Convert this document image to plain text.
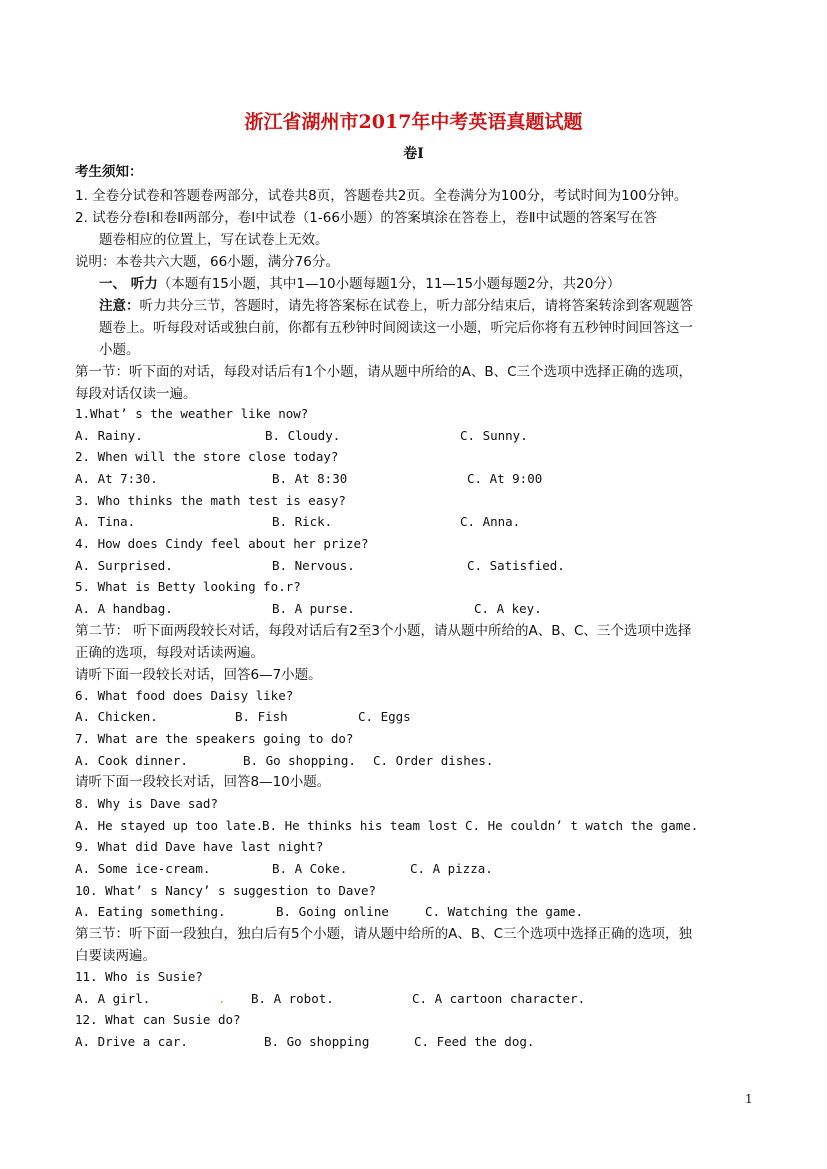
浙江省湖州市2017年中考英语真题试题
卷Ⅰ
考生须知：
1. 全卷分试卷和答题卷两部分，试卷共8页，答题卷共2页。全卷满分为100分，考试时间为100分钟。
2. 试卷分卷Ⅰ和卷Ⅱ两部分，卷Ⅰ中试卷（1-66小题）的答案填涂在答卷上，卷Ⅱ中试题的答案写在答
题卷相应的位置上，写在试卷上无效。
说明：本卷共六大题，66小题，满分76分。
一、 听力（本题有15小题，其中1—10小题每题1分，11—15小题每题2分，共20分）
注意：听力共分三节，答题时，请先将答案标在试卷上，听力部分结束后，请将答案转涂到客观题答
题卷上。听每段对话或独白前，你都有五秒钟时间阅读这一小题，听完后你将有五秒钟时间回答这一
小题。
第一节：听下面的对话，每段对话后有1个小题，请从题中所给的A、B、C三个选项中选择正确的选项，
每段对话仅读一遍。
1.What’ s the weather like now?
A. Rainy.	B. Cloudy.	C. Sunny.
2. When will the store close today?
A. At 7:30.	B. At 8:30	C. At 9:00
3. Who thinks the math test is easy?
A. Tina.	B. Rick.	C. Anna.
4. How does Cindy feel about her prize?
A. Surprised.	B. Nervous.	C. Satisfied.
5. What is Betty looking fo.r?
A. A handbag.	B. A purse.	C. A key.
第二节： 听下面两段较长对话，每段对话后有2至3个小题，请从题中所给的A、B、C、三个选项中选择
正确的选项，每段对话读两遍。
请听下面一段较长对话，回答6—7小题。
6. What food does Daisy like?
A. Chicken.	B. Fish	C. Eggs
7. What are the speakers going to do?
A. Cook dinner.	B. Go shopping. C. Order dishes.
请听下面一段较长对话，回答8—10小题。
8. Why is Dave sad?
A. He stayed up too late.
B. He thinks his team lost C. He couldn’ t watch the game.
9. What did Dave have last night?
A. Some ice-cream.	B. A Coke.	C. A pizza.
10. What’ s Nancy’ s suggestion to Dave?
A. Eating something.	B. Going online	C. Watching the game.
第三节：听下面一段独白，独白后有5个小题，请从题中给所的A、B、C三个选项中选择正确的选项，独
白要读两遍。
11. Who is Susie?
A. A girl.	. B. A robot.	C. A cartoon character.
12. What can Susie do?
A. Drive a car.	B. Go shopping	C. Feed the dog.
1
